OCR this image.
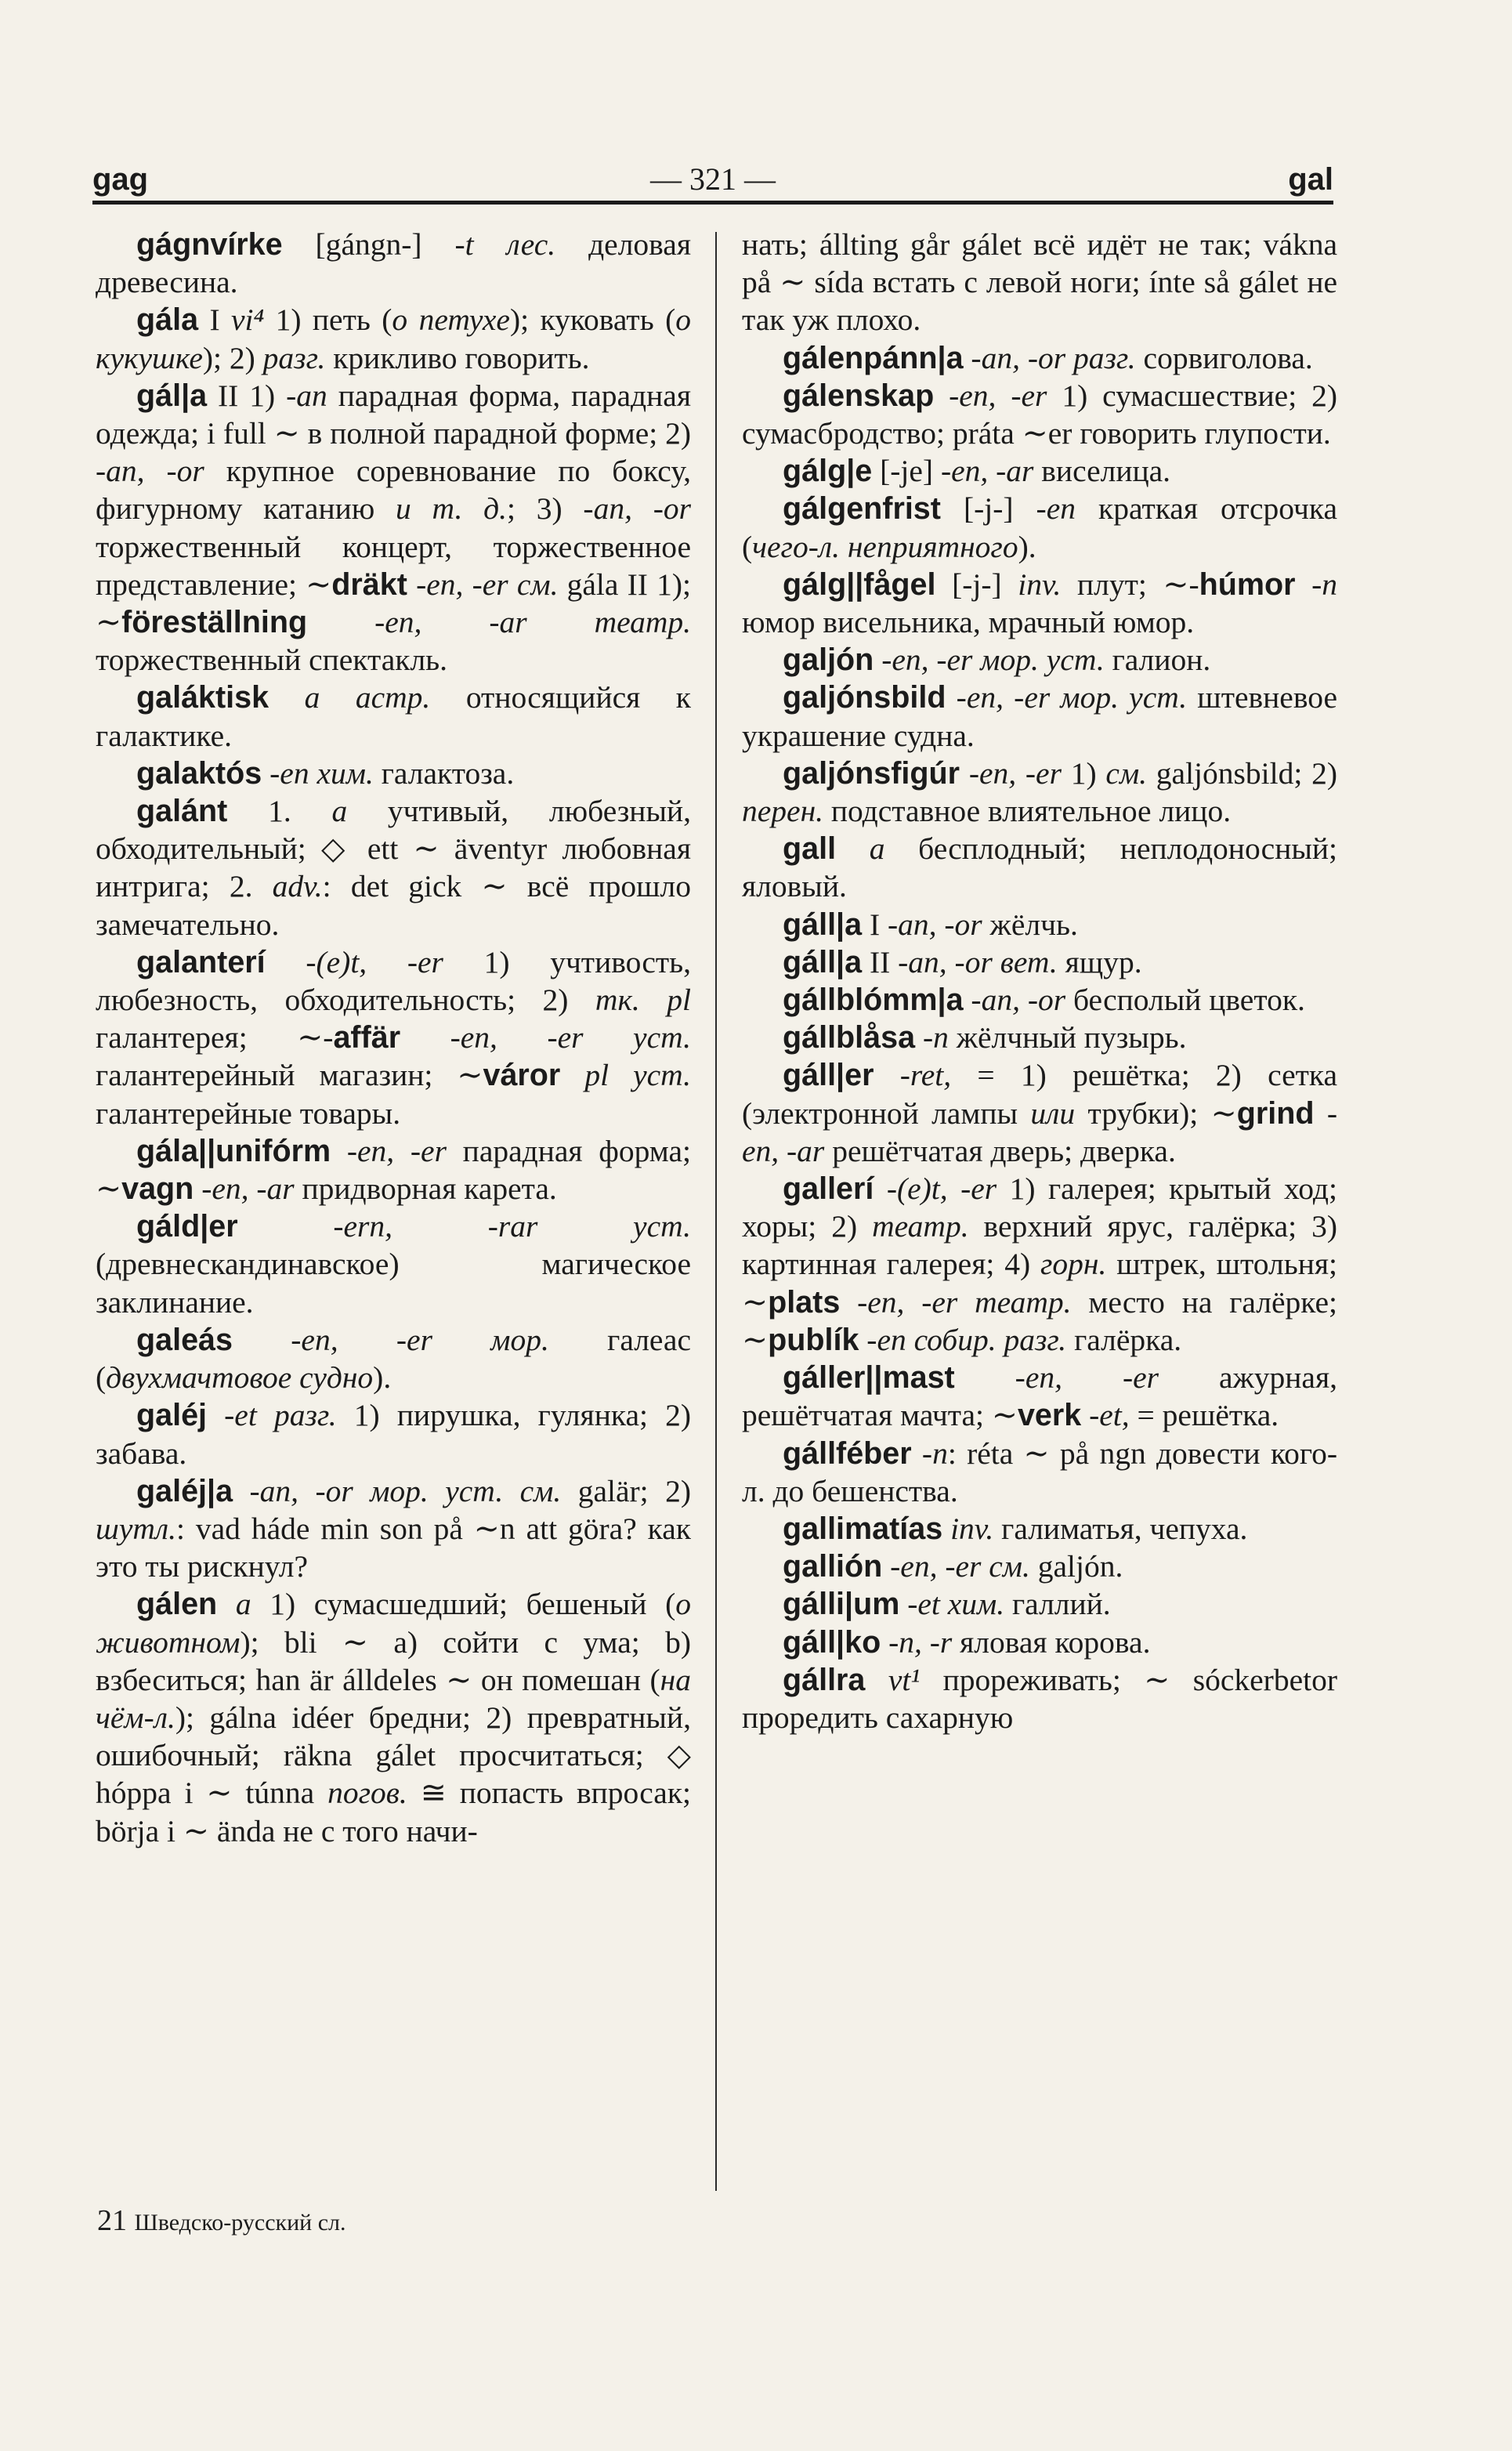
gag	— 321 —	gal

gágnvírke [gángn-] -t лес. деловая древесина.

gála I vi⁴ 1) петь (о петухе); куковать (о кукушке); 2) разг. крикливо говорить.

gál|a II 1) -an парадная форма, парадная одежда; i full ∼ в полной парадной форме; 2) -an, -or крупное соревнование по боксу, фигурному катанию и т. д.; 3) -an, -or торжественный концерт, торжественное представление; ∼dräkt -en, -er см. gála II 1); ∼föreställning -en, -ar театр. торжественный спектакль.

galáktisk a астр. относящийся к галактике.

galaktós -en хим. галактоза.

galánt 1. a учтивый, любезный, обходительный; ◇ ett ∼ äventyr любовная интрига; 2. adv.: det gick ∼ всё прошло замечательно.

galanterí -(e)t, -er 1) учтивость, любезность, обходительность; 2) тк. pl галантерея; ∼-affär -en, -er уст. галантерейный магазин; ∼váror pl уст. галантерейные товары.

gála||unifórm -en, -er парадная форма; ∼vagn -en, -ar придворная карета.

gáld|er	-ern, -rar уст. (древнескандинавское) магическое заклинание.

galeás -en, -er мор. галеас (двухмачтовое судно).

galéj -et разг. 1) пирушка, гулянка; 2) забава.

galéj|a -an, -or мор. уст. см. galär; 2) шутл.: vad háde min son på ∼n att göra? как это ты рискнул?

gálen a 1) сумасшедший; бешеный (о животном); bli ∼ a) сойти с ума; b) взбеситься; han är álldeles ∼ он помешан (на чём-л.); gálna idéer бредни; 2) превратный, ошибочный; räkna gálet просчитаться; ◇ hóppa i ∼ túnna погов. ≅ попасть впросак; börja i ∼ ända не с того начи-

нать; állting går gálet всё идёт не так; váknа på ∼ sída встать с левой ноги; ínte så gálet не так уж плохо.

gálenpánn|a -an, -or разг. сорвиголова.

gálenskap -en, -er 1) сумасшествие; 2) сумасбродство; práta ∼er говорить глупости.

gálg|e [-je] -en, -ar виселица.

gálgenfrist [-j-] -en краткая отсрочка (чего-л. неприятного).

gálg||fågel [-j-] inv. плут; ∼-húmor -n юмор висельника, мрачный юмор.

galjón -en, -er мор. уст. галион.

galjónsbild -en, -er мор. уст. штевневое украшение судна.

galjónsfigúr -en, -er 1) см. galjónsbild; 2) перен. подставное влиятельное лицо.

gall a бесплодный; неплодоносный; яловый.

gáll|a I -an, -or жёлчь.

gáll|a II -an, -or вет. ящур.

gállblómm|a -an, -or бесполый цветок.

gállblåsa -n жёлчный пузырь.

gáll|er -ret, = 1) решётка; 2) сетка (электронной лампы или трубки); ∼grind -en, -ar решётчатая дверь; дверка.

gallerí -(e)t, -er 1) галерея; крытый ход; хоры; 2) театр. верхний ярус, галёрка; 3) картинная галерея; 4) горн. штрек, штольня; ∼plats -en, -er театр. место на галёрке; ∼publík -en собир. разг. галёрка.

gáller||mast -en, -er ажурная, решётчатая мачта; ∼verk -et, = решётка.

gállféber -n: réta ∼ på ngn довести кого-л. до бешенства.

gallimatías inv. галиматья, чепуха.

gallión -en, -er см. galjón.

gálli|um -et хим. галлий.

gáll|ko -n, -r яловая корова.

gállra vt¹ прореживать; ∼ sóckerbetor проредить сахарную

21 Шведско-русский сл.
